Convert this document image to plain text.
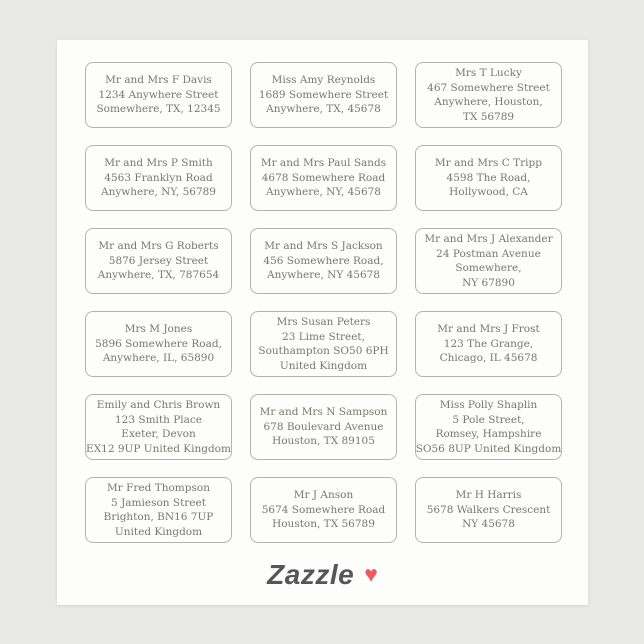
Mr and Mrs F Davis
1234 Anywhere Street
Somewhere, TX, 12345
Miss Amy Reynolds
1689 Somewhere Street
Anywhere, TX, 45678
Mrs T Lucky
467 Somewhere Street
Anywhere, Houston,
TX 56789
Mr and Mrs P Smith
4563 Franklyn Road
Anywhere, NY, 56789
Mr and Mrs Paul Sands
4678 Somewhere Road
Anywhere, NY, 45678
Mr and Mrs C Tripp
4598 The Road,
Hollywood, CA
Mr and Mrs G Roberts
5876 Jersey Street
Anywhere, TX, 787654
Mr and Mrs S Jackson
456 Somewhere Road,
Anywhere, NY 45678
Mr and Mrs J Alexander
24 Postman Avenue
Somewhere,
NY 67890
Mrs M Jones
5896 Somewhere Road,
Anywhere, IL, 65890
Mrs Susan Peters
23 Lime Street,
Southampton SO50 6PH
United Kingdom
Mr and Mrs J Frost
123 The Grange,
Chicago, IL 45678
Emily and Chris Brown
123 Smith Place
Exeter, Devon
EX12 9UP United Kingdom
Mr and Mrs N Sampson
678 Boulevard Avenue
Houston, TX 89105
Miss Polly Shaplin
5 Pole Street,
Romsey, Hampshire
SO56 8UP United Kingdom
Mr Fred Thompson
5 Jamieson Street
Brighton, BN16 7UP
United Kingdom
Mr J Anson
5674 Somewhere Road
Houston, TX 56789
Mr H Harris
5678 Walkers Crescent
NY 45678
Zazzle ♥
